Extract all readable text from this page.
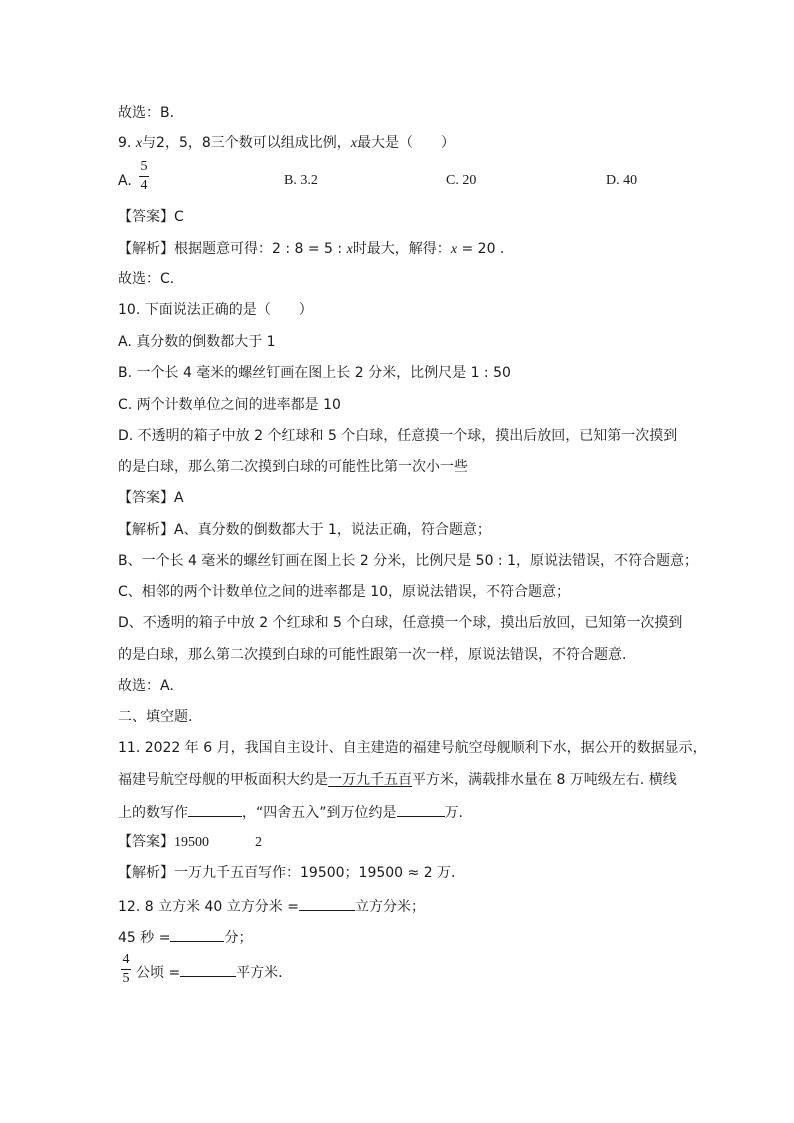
故选：B.
9. x与2，5，8三个数可以组成比例，x最大是（　　）
A.
5
4	B. 3.2	C. 20	D. 40
【答案】C
【解析】根据题意可得：2 : 8 = 5 : x时最大，解得：x = 20 .
故选：C.
10. 下面说法正确的是（　　）
A. 真分数的倒数都大于 1
B. 一个长 4 毫米的螺丝钉画在图上长 2 分米，比例尺是 1 : 50
C. 两个计数单位之间的进率都是 10
D. 不透明的箱子中放 2 个红球和 5 个白球，任意摸一个球，摸出后放回，已知第一次摸到
的是白球，那么第二次摸到白球的可能性比第一次小一些
【答案】A
【解析】A、真分数的倒数都大于 1，说法正确，符合题意；
B、一个长 4 毫米的螺丝钉画在图上长 2 分米，比例尺是 50 : 1，原说法错误，不符合题意；
C、相邻的两个计数单位之间的进率都是 10，原说法错误，不符合题意；
D、不透明的箱子中放 2 个红球和 5 个白球，任意摸一个球，摸出后放回，已知第一次摸到
的是白球，那么第二次摸到白球的可能性跟第一次一样，原说法错误，不符合题意.
故选：A.
二、填空题.
11. 2022 年 6 月，我国自主设计、自主建造的福建号航空母舰顺利下水，据公开的数据显示，
福建号航空母舰的甲板面积大约是一万九千五百平方米，满载排水量在 8 万吨级左右. 横线
上的数写作	，“四舍五入”到万位约是	万.
【答案】19500	2
【解析】一万九千五百写作：19500；19500 ≈ 2 万.
12. 8 立方米 40 立方分米 =	立方分米；
45 秒 =	分；
4
5 公顷 =	平方米.
